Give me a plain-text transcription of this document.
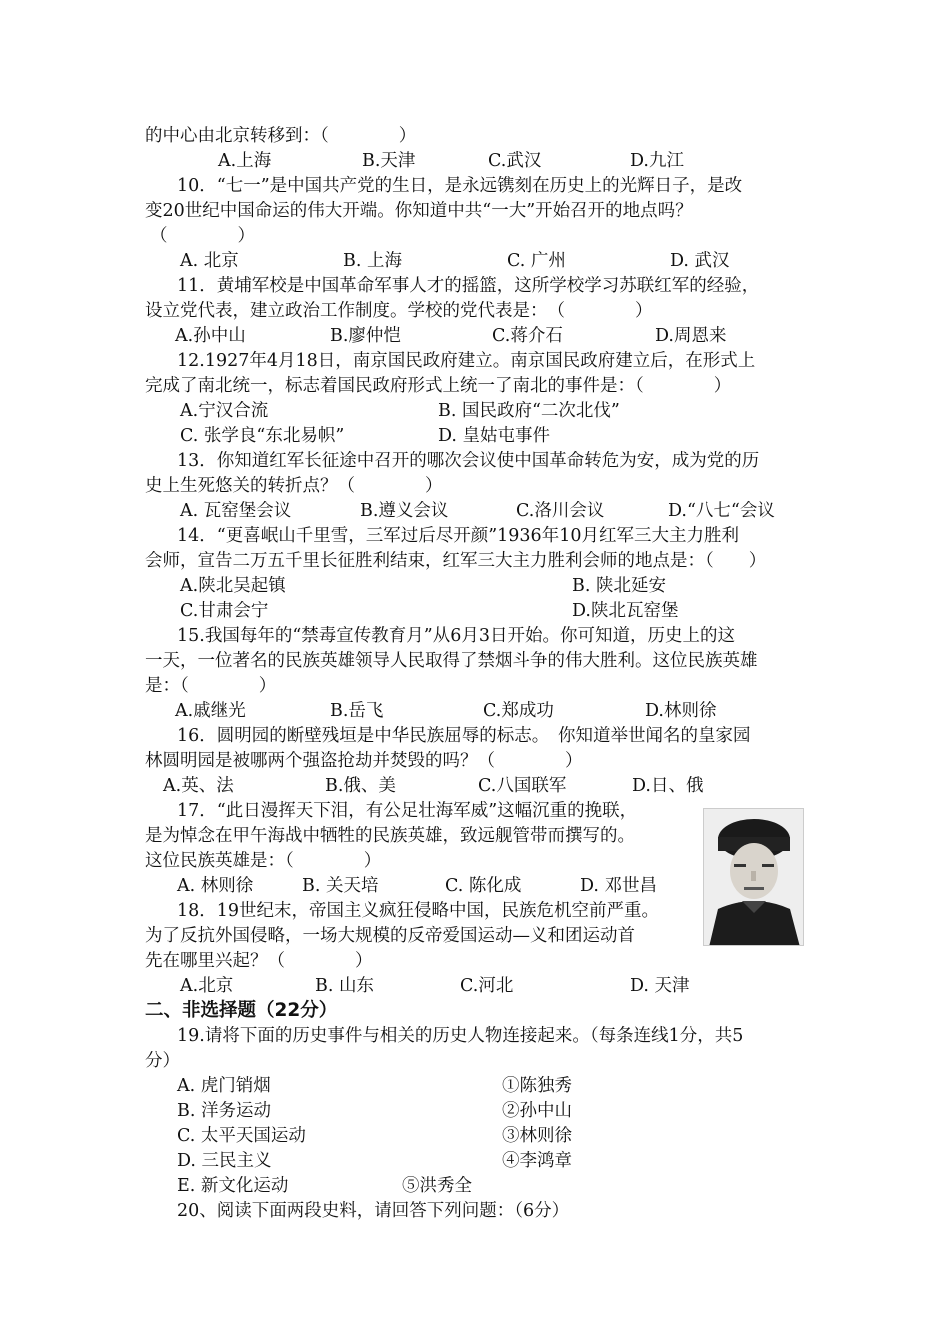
的中心由北京转移到：（　　　　）
A.上海	B.天津	C.武汉	D.九江
10．“七一”是中国共产党的生日，是永远镌刻在历史上的光辉日子，是改
变20世纪中国命运的伟大开端。你知道中共“一大”开始召开的地点吗？
（　　　　）
A. 北京	B. 上海	C. 广州	D. 武汉
11．黄埔军校是中国革命军事人才的摇篮，这所学校学习苏联红军的经验，
设立党代表，建立政治工作制度。学校的党代表是：　（　　　　）
A.孙中山	B.廖仲恺	C.蒋介石	D.周恩来
12.1927年4月18日，南京国民政府建立。南京国民政府建立后，在形式上
完成了南北统一，标志着国民政府形式上统一了南北的事件是：（　　　　）
A.宁汉合流	B. 国民政府“二次北伐”
C. 张学良“东北易帜”	D. 皇姑屯事件
13．你知道红军长征途中召开的哪次会议使中国革命转危为安，成为党的历
史上生死悠关的转折点？（　　　　）
A. 瓦窑堡会议	B.遵义会议	C.洛川会议	D.“八七“会议
14．“更喜岷山千里雪，三军过后尽开颜”1936年10月红军三大主力胜利
会师，宣告二万五千里长征胜利结束，红军三大主力胜利会师的地点是：（　　）
A.陕北吴起镇	B. 陕北延安
C.甘肃会宁	D.陕北瓦窑堡
15.我国每年的“禁毒宣传教育月”从6月3日开始。你可知道，历史上的这
一天，一位著名的民族英雄领导人民取得了禁烟斗争的伟大胜利。这位民族英雄
是：（　　　　）
A.戚继光	B.岳飞	C.郑成功	D.林则徐
16．圆明园的断壁残垣是中华民族屈辱的标志。　你知道举世闻名的皇家园
林圆明园是被哪两个强盗抢劫并焚毁的吗？（　　　　）
A.英、法	B.俄、美	C.八国联军	D.日、俄
17．“此日漫挥天下泪，有公足壮海军威”这幅沉重的挽联，
是为悼念在甲午海战中牺牲的民族英雄，致远舰管带而撰写的。
这位民族英雄是：（　　　　）
A. 林则徐	B. 关天培	C. 陈化成	D. 邓世昌
18．19世纪末，帝国主义疯狂侵略中国，民族危机空前严重。
为了反抗外国侵略，一场大规模的反帝爱国运动—义和团运动首
先在哪里兴起？（　　　　）
A.北京	B. 山东	C.河北	D. 天津
二、非选择题（22分）
19.请将下面的历史事件与相关的历史人物连接起来。（每条连线1分，共5
分）
A. 虎门销烟	①陈独秀
B. 洋务运动	②孙中山
C. 太平天国运动	③林则徐
D. 三民主义	④李鸿章
E. 新文化运动	⑤洪秀全
20、阅读下面两段史料，请回答下列问题：（6分）
